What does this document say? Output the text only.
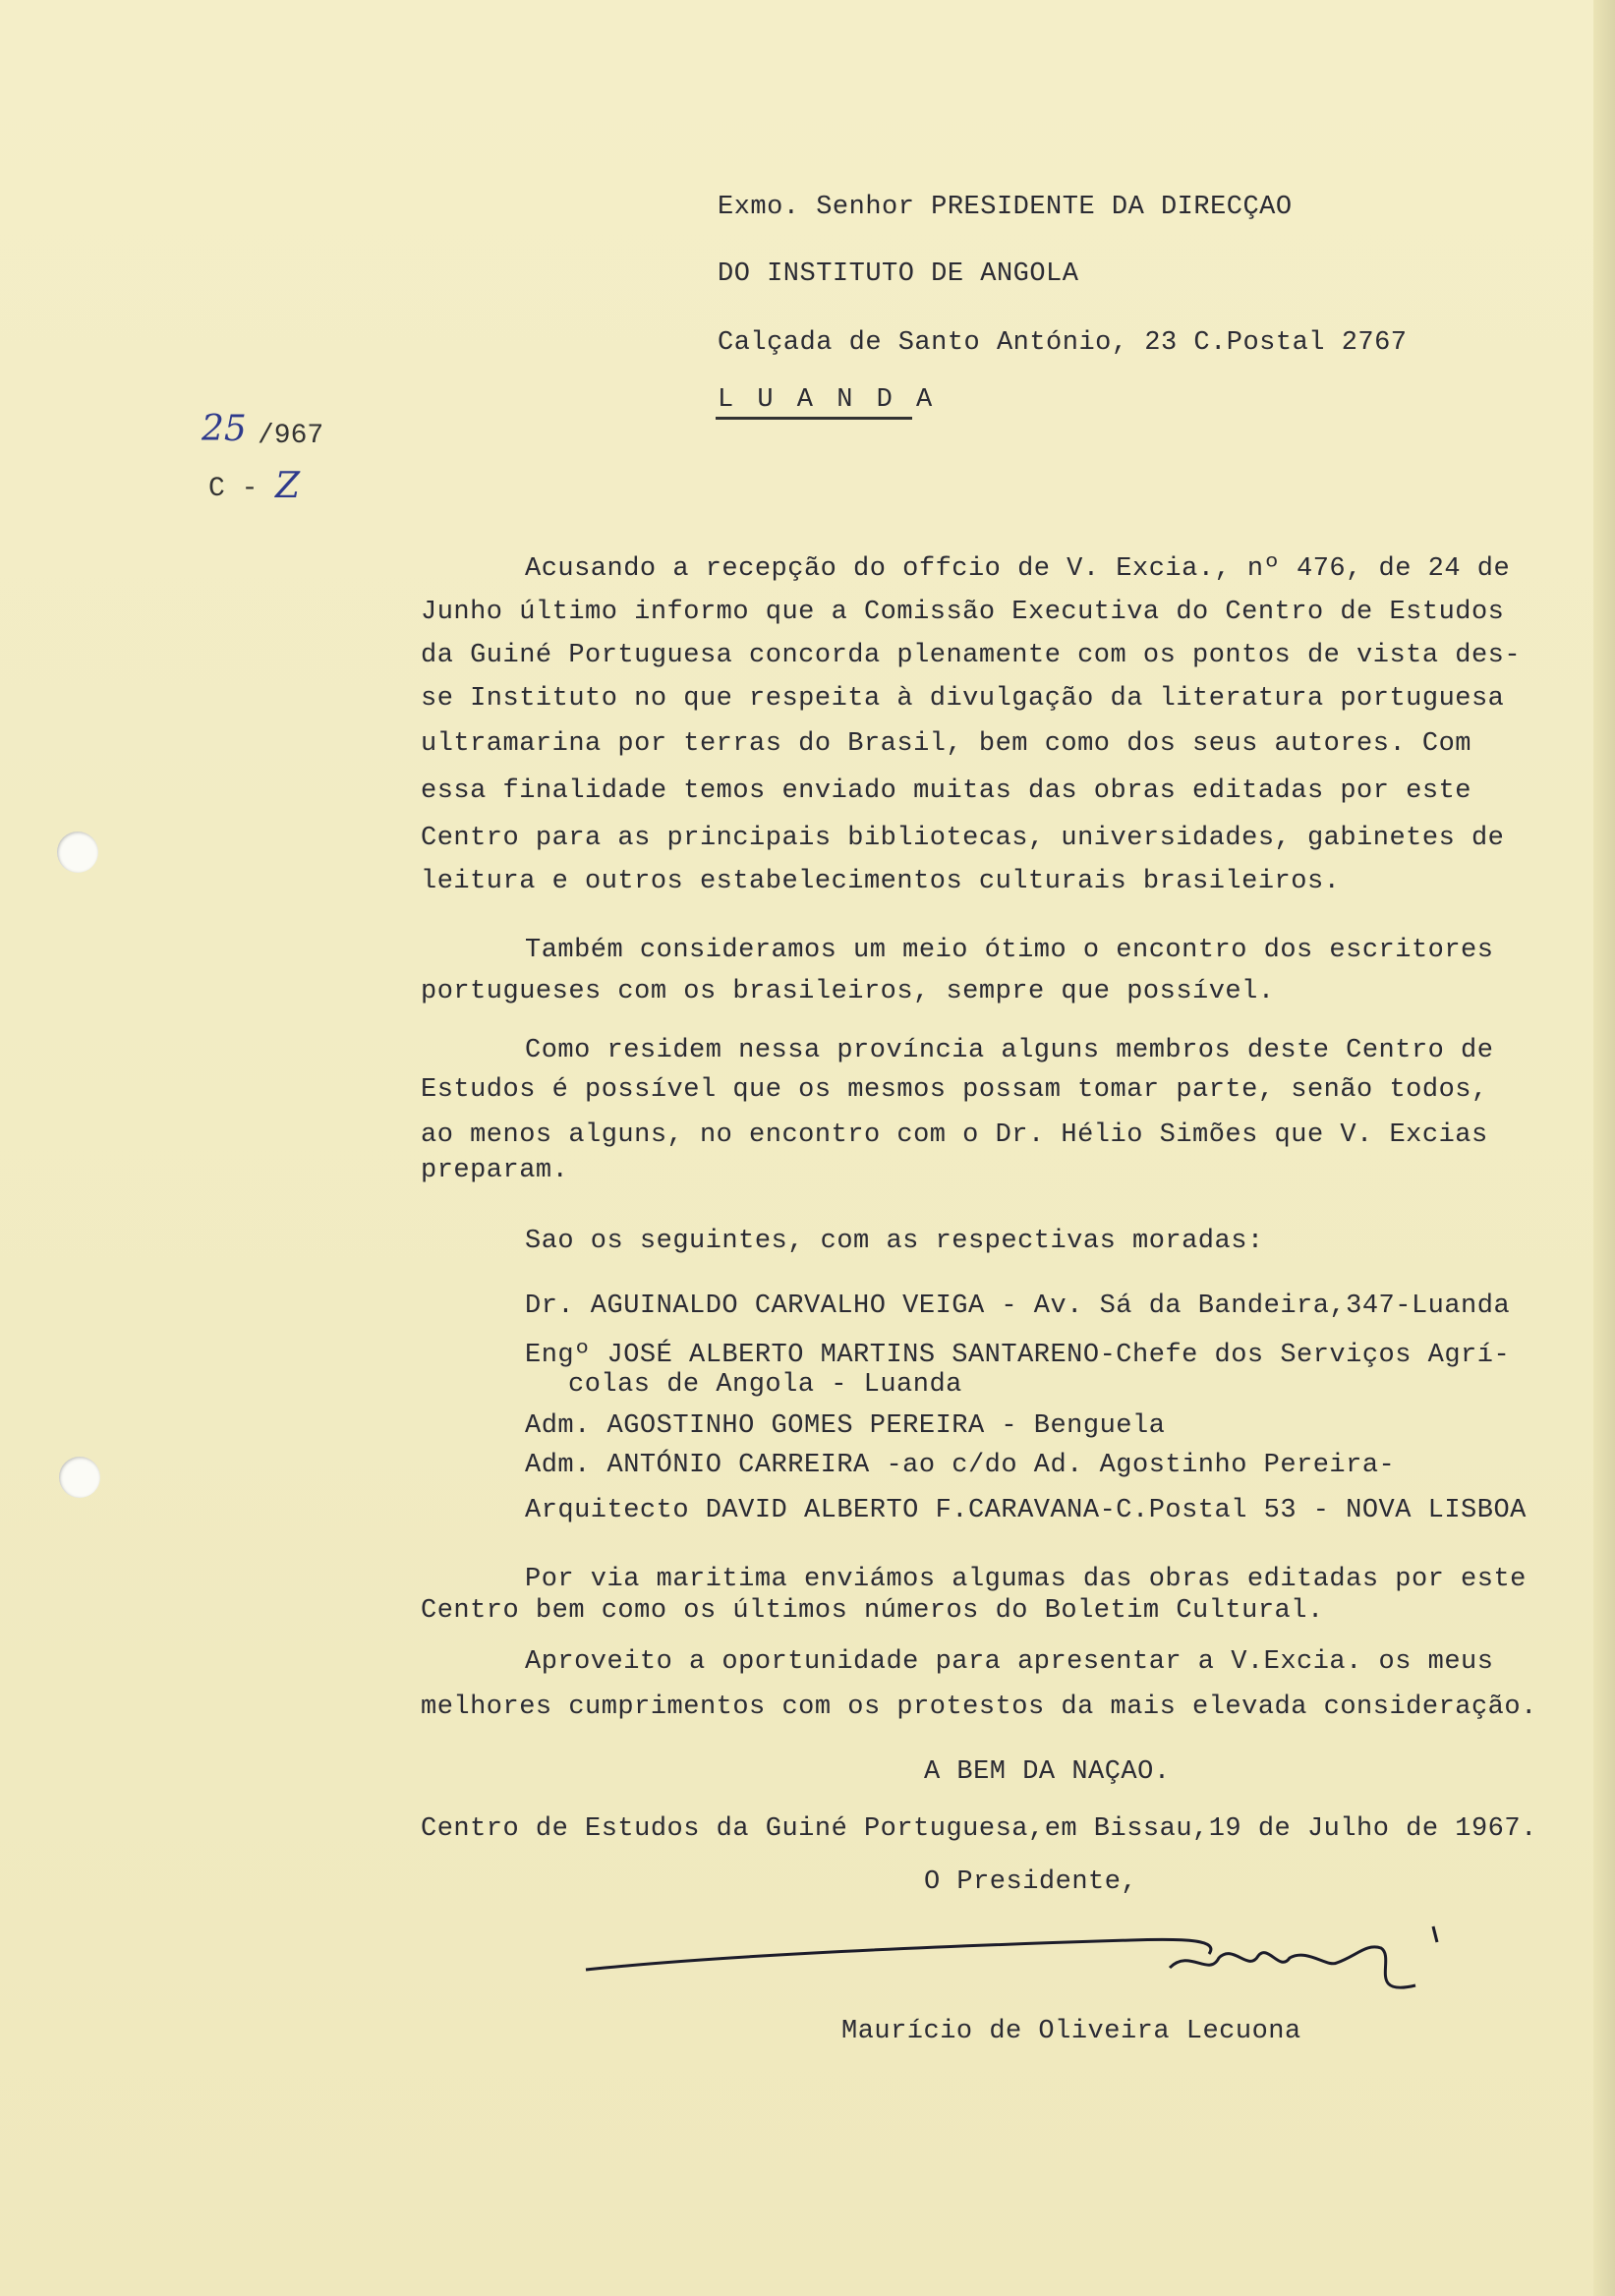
Exmo. Senhor PRESIDENTE DA DIRECÇAO
DO INSTITUTO DE ANGOLA
Calçada de Santo António, 23 C.Postal 2767
L U A N D A
25 /967
C - Z
Acusando a recepção do offcio de V. Excia., nº 476, de 24 de
Junho último informo que a Comissão Executiva do Centro de Estudos
da Guiné Portuguesa concorda plenamente com os pontos de vista des-
se Instituto no que respeita à divulgação da literatura portuguesa
ultramarina por terras do Brasil, bem como dos seus autores. Com
essa finalidade temos enviado muitas das obras editadas por este
Centro para as principais bibliotecas, universidades, gabinetes de
leitura e outros estabelecimentos culturais brasileiros.
Também consideramos um meio ótimo o encontro dos escritores
portugueses com os brasileiros, sempre que possível.
Como residem nessa província alguns membros deste Centro de
Estudos é possível que os mesmos possam tomar parte, senão todos,
ao menos alguns, no encontro com o Dr. Hélio Simões que V. Excias
preparam.
Sao os seguintes, com as respectivas moradas:
Dr. AGUINALDO CARVALHO VEIGA - Av. Sá da Bandeira,347-Luanda
Engº JOSÉ ALBERTO MARTINS SANTARENO-Chefe dos Serviços Agrí-
colas de Angola - Luanda
Adm. AGOSTINHO GOMES PEREIRA - Benguela
Adm. ANTÓNIO CARREIRA -ao c/do Ad. Agostinho Pereira-
Arquitecto DAVID ALBERTO F.CARAVANA-C.Postal 53 - NOVA LISBOA
Por via maritima enviámos algumas das obras editadas por este
Centro bem como os últimos números do Boletim Cultural.
Aproveito a oportunidade para apresentar a V.Excia. os meus
melhores cumprimentos com os protestos da mais elevada consideração.
A BEM DA NAÇAO.
Centro de Estudos da Guiné Portuguesa,em Bissau,19 de Julho de 1967.
O Presidente,
Maurício de Oliveira Lecuona
